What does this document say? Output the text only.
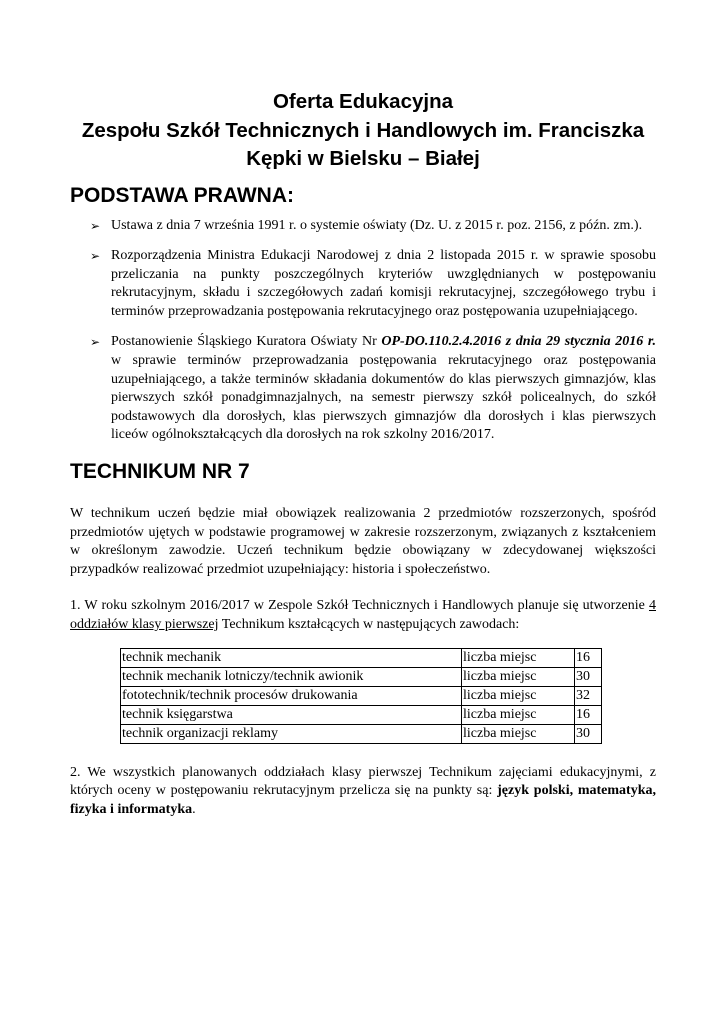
Oferta Edukacyjna
Zespołu Szkół Technicznych i Handlowych im. Franciszka
Kępki w Bielsku – Białej
PODSTAWA PRAWNA:
➢ Ustawa z dnia 7 września 1991 r. o systemie oświaty (Dz. U. z 2015 r. poz. 2156, z późn. zm.).
➢ Rozporządzenia Ministra Edukacji Narodowej z dnia 2 listopada 2015 r. w sprawie sposobu przeliczania na punkty poszczególnych kryteriów uwzględnianych w postępowaniu rekrutacyjnym, składu i szczegółowych zadań komisji rekrutacyjnej, szczegółowego trybu i terminów przeprowadzania postępowania rekrutacyjnego oraz postępowania uzupełniającego.
➢ Postanowienie Śląskiego Kuratora Oświaty Nr OP-DO.110.2.4.2016 z dnia 29 stycznia 2016 r. w sprawie terminów przeprowadzania postępowania rekrutacyjnego oraz postępowania uzupełniającego, a także terminów składania dokumentów do klas pierwszych gimnazjów, klas pierwszych szkół ponadgimnazjalnych, na semestr pierwszy szkół policealnych, do szkół podstawowych dla dorosłych, klas pierwszych gimnazjów dla dorosłych i klas pierwszych liceów ogólnokształcących dla dorosłych na rok szkolny 2016/2017.
TECHNIKUM NR 7

W technikum uczeń będzie miał obowiązek realizowania 2 przedmiotów rozszerzonych, spośród przedmiotów ujętych w podstawie programowej w zakresie rozszerzonym, związanych z kształceniem w określonym zawodzie. Uczeń technikum będzie obowiązany w zdecydowanej większości przypadków realizować przedmiot uzupełniający: historia i społeczeństwo.

1. W roku szkolnym 2016/2017 w Zespole Szkół Technicznych i Handlowych planuje się utworzenie 4 oddziałów klasy pierwszej Technikum kształcących w następujących zawodach:

technik mechanik	liczba miejsc	16
technik mechanik lotniczy/technik awionik	liczba miejsc	30
fototechnik/technik procesów drukowania	liczba miejsc	32
technik księgarstwa	liczba miejsc	16
technik organizacji reklamy	liczba miejsc	30

2. We wszystkich planowanych oddziałach klasy pierwszej Technikum zajęciami edukacyjnymi, z których oceny w postępowaniu rekrutacyjnym przelicza się na punkty są: język polski, matematyka, fizyka i informatyka.
